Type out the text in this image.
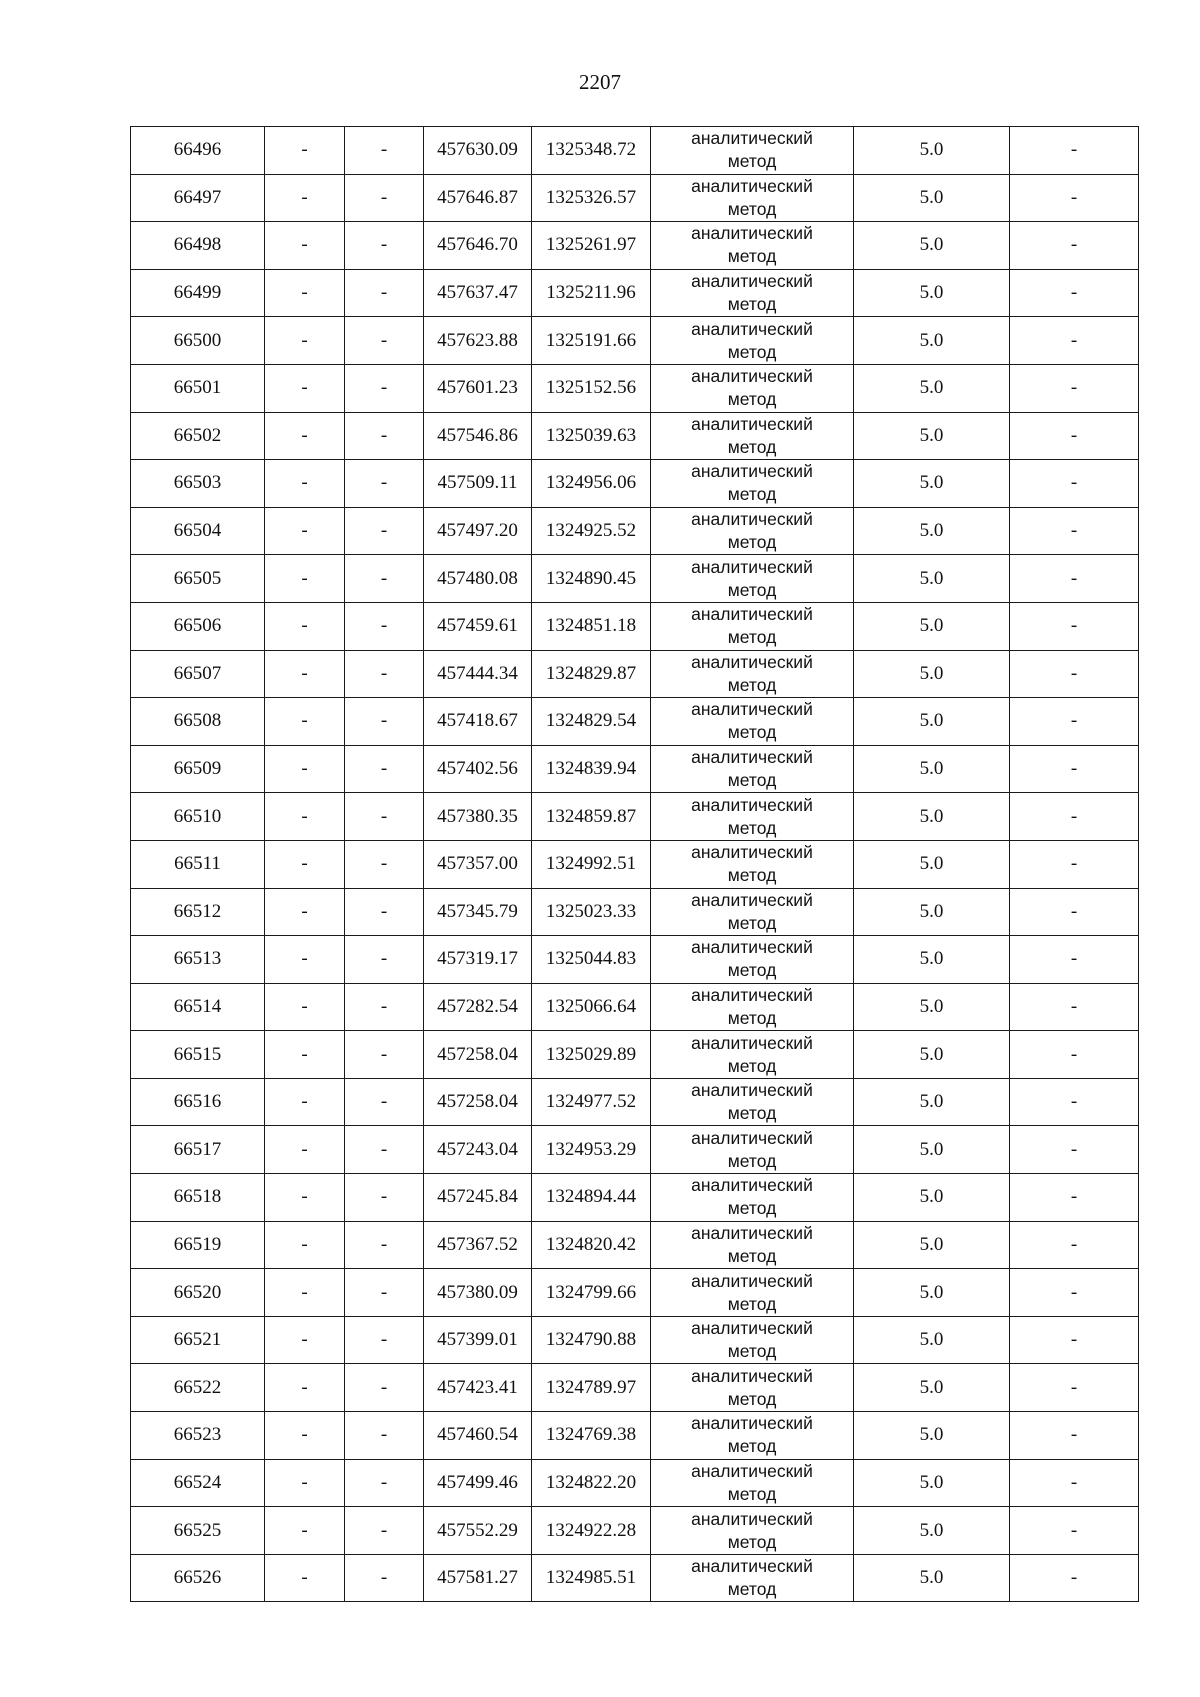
2207
66496	-	-	457630.09	1325348.72	аналитический
метод	5.0	-
66497	-	-	457646.87	1325326.57	аналитический
метод	5.0	-
66498	-	-	457646.70	1325261.97	аналитический
метод	5.0	-
66499	-	-	457637.47	1325211.96	аналитический
метод	5.0	-
66500	-	-	457623.88	1325191.66	аналитический
метод	5.0	-
66501	-	-	457601.23	1325152.56	аналитический
метод	5.0	-
66502	-	-	457546.86	1325039.63	аналитический
метод	5.0	-
66503	-	-	457509.11	1324956.06	аналитический
метод	5.0	-
66504	-	-	457497.20	1324925.52	аналитический
метод	5.0	-
66505	-	-	457480.08	1324890.45	аналитический
метод	5.0	-
66506	-	-	457459.61	1324851.18	аналитический
метод	5.0	-
66507	-	-	457444.34	1324829.87	аналитический
метод	5.0	-
66508	-	-	457418.67	1324829.54	аналитический
метод	5.0	-
66509	-	-	457402.56	1324839.94	аналитический
метод	5.0	-
66510	-	-	457380.35	1324859.87	аналитический
метод	5.0	-
66511	-	-	457357.00	1324992.51	аналитический
метод	5.0	-
66512	-	-	457345.79	1325023.33	аналитический
метод	5.0	-
66513	-	-	457319.17	1325044.83	аналитический
метод	5.0	-
66514	-	-	457282.54	1325066.64	аналитический
метод	5.0	-
66515	-	-	457258.04	1325029.89	аналитический
метод	5.0	-
66516	-	-	457258.04	1324977.52	аналитический
метод	5.0	-
66517	-	-	457243.04	1324953.29	аналитический
метод	5.0	-
66518	-	-	457245.84	1324894.44	аналитический
метод	5.0	-
66519	-	-	457367.52	1324820.42	аналитический
метод	5.0	-
66520	-	-	457380.09	1324799.66	аналитический
метод	5.0	-
66521	-	-	457399.01	1324790.88	аналитический
метод	5.0	-
66522	-	-	457423.41	1324789.97	аналитический
метод	5.0	-
66523	-	-	457460.54	1324769.38	аналитический
метод	5.0	-
66524	-	-	457499.46	1324822.20	аналитический
метод	5.0	-
66525	-	-	457552.29	1324922.28	аналитический
метод	5.0	-
66526	-	-	457581.27	1324985.51	аналитический
метод	5.0	-
